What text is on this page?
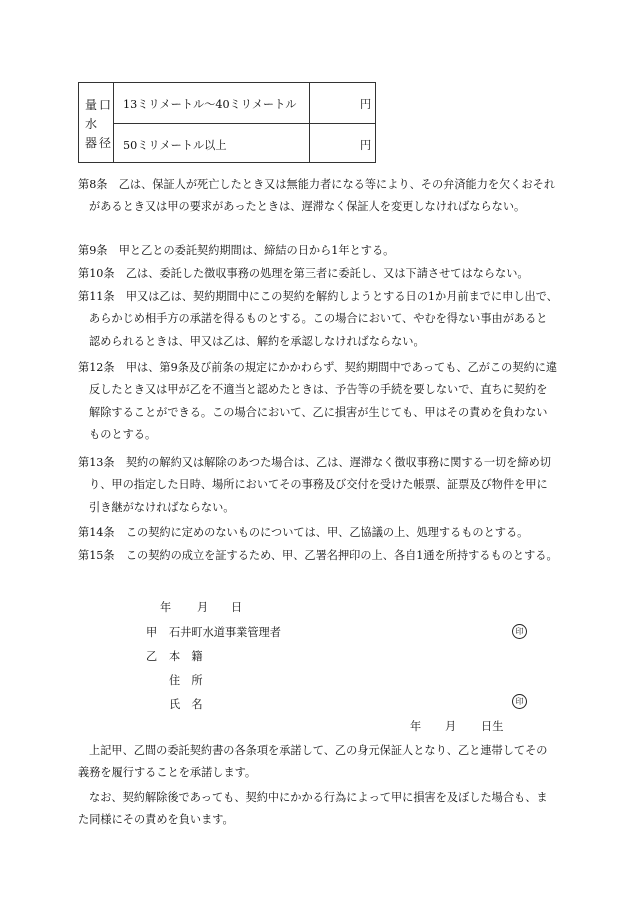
量 口
水
器 径
13ミリメートル〜40ミリメートル	円
50ミリメートル以上	円
第8条　 乙は、保証人が死亡したとき又は無能力者になる等により、その弁済能力を欠くおそれがあるとき又は甲の要求があったときは、遅滞なく保証人を変更しなければならない。
第9条　 甲と乙との委託契約期間は、締結の日から1年とする。
第10条　 乙は、委託した徴収事務の処理を第三者に委託し、又は下請させてはならない。
第11条　 甲又は乙は、契約期間中にこの契約を解約しようとする日の1か月前までに申し出で、あらかじめ相手方の承諾を得るものとする。この場合において、やむを得ない事由があると認められるときは、甲又は乙は、解約を承認しなければならない。
第12条　 甲は、第9条及び前条の規定にかかわらず、契約期間中であっても、乙がこの契約に違反したとき又は甲が乙を不適当と認めたときは、予告等の手続を要しないで、直ちに契約を解除することができる。この場合において、乙に損害が生じても、甲はその責めを負わないものとする。
第13条　 契約の解約又は解除のあつた場合は、乙は、遅滞なく徴収事務に関する一切を締め切り、甲の指定した日時、場所においてその事務及び交付を受けた帳票、証票及び物件を甲に引き継がなければならない。
第14条　 この契約に定めのないものについては、甲、乙協議の上、処理するものとする。
第15条　 この契約の成立を証するため、甲、乙署名押印の上、各自1通を所持するものとする。
年 月 日
甲 石井町水道事業管理者	印
乙 本　籍
住　所
氏　名	印
年 月 日生
上記甲、乙間の委託契約書の各条項を承諾して、乙の身元保証人となり、乙と連帯してその義務を履行することを承諾します。
なお、契約解除後であっても、契約中にかかる行為によって甲に損害を及ぼした場合も、また同様にその責めを負います。
